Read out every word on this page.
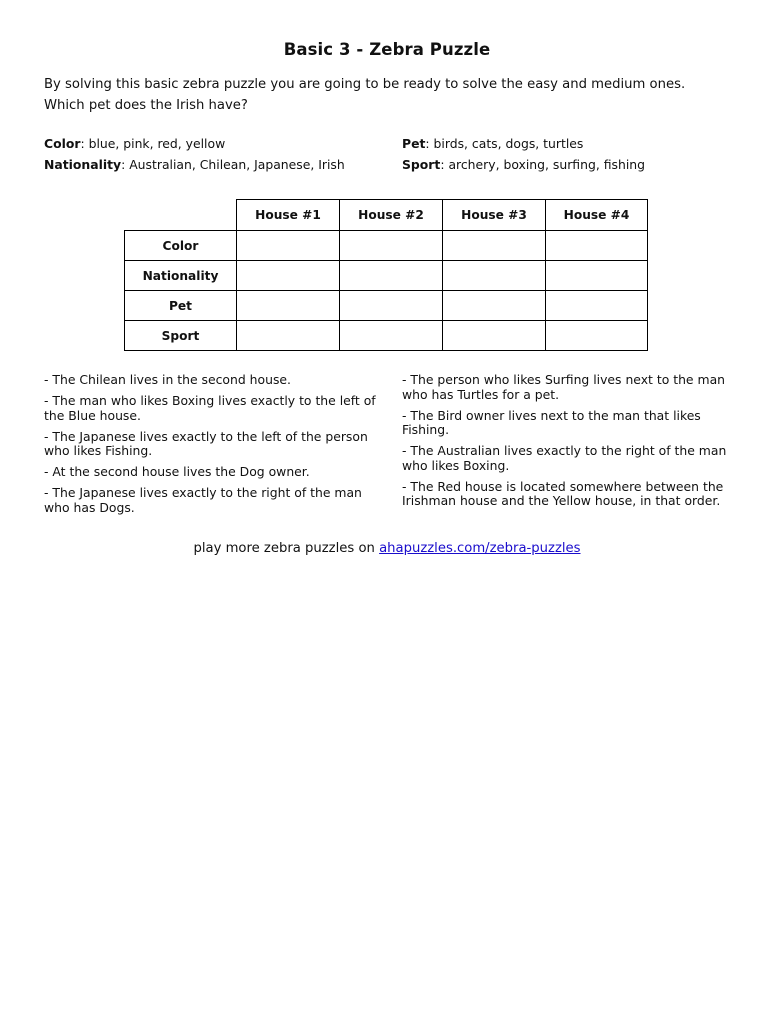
Basic 3 - Zebra Puzzle
By solving this basic zebra puzzle you are going to be ready to solve the easy and medium ones.
Which pet does the Irish have?
Color: blue, pink, red, yellow
Nationality: Australian, Chilean, Japanese, Irish
Pet: birds, cats, dogs, turtles
Sport: archery, boxing, surfing, fishing
	House #1	House #2	House #3	House #4
Color				
Nationality				
Pet				
Sport				
- The Chilean lives in the second house.
- The man who likes Boxing lives exactly to the left of the Blue house.
- The Japanese lives exactly to the left of the person who likes Fishing.
- At the second house lives the Dog owner.
- The Japanese lives exactly to the right of the man who has Dogs.
- The person who likes Surfing lives next to the man who has Turtles for a pet.
- The Bird owner lives next to the man that likes Fishing.
- The Australian lives exactly to the right of the man who likes Boxing.
- The Red house is located somewhere between the Irishman house and the Yellow house, in that order.
play more zebra puzzles on ahapuzzles.com/zebra-puzzles
